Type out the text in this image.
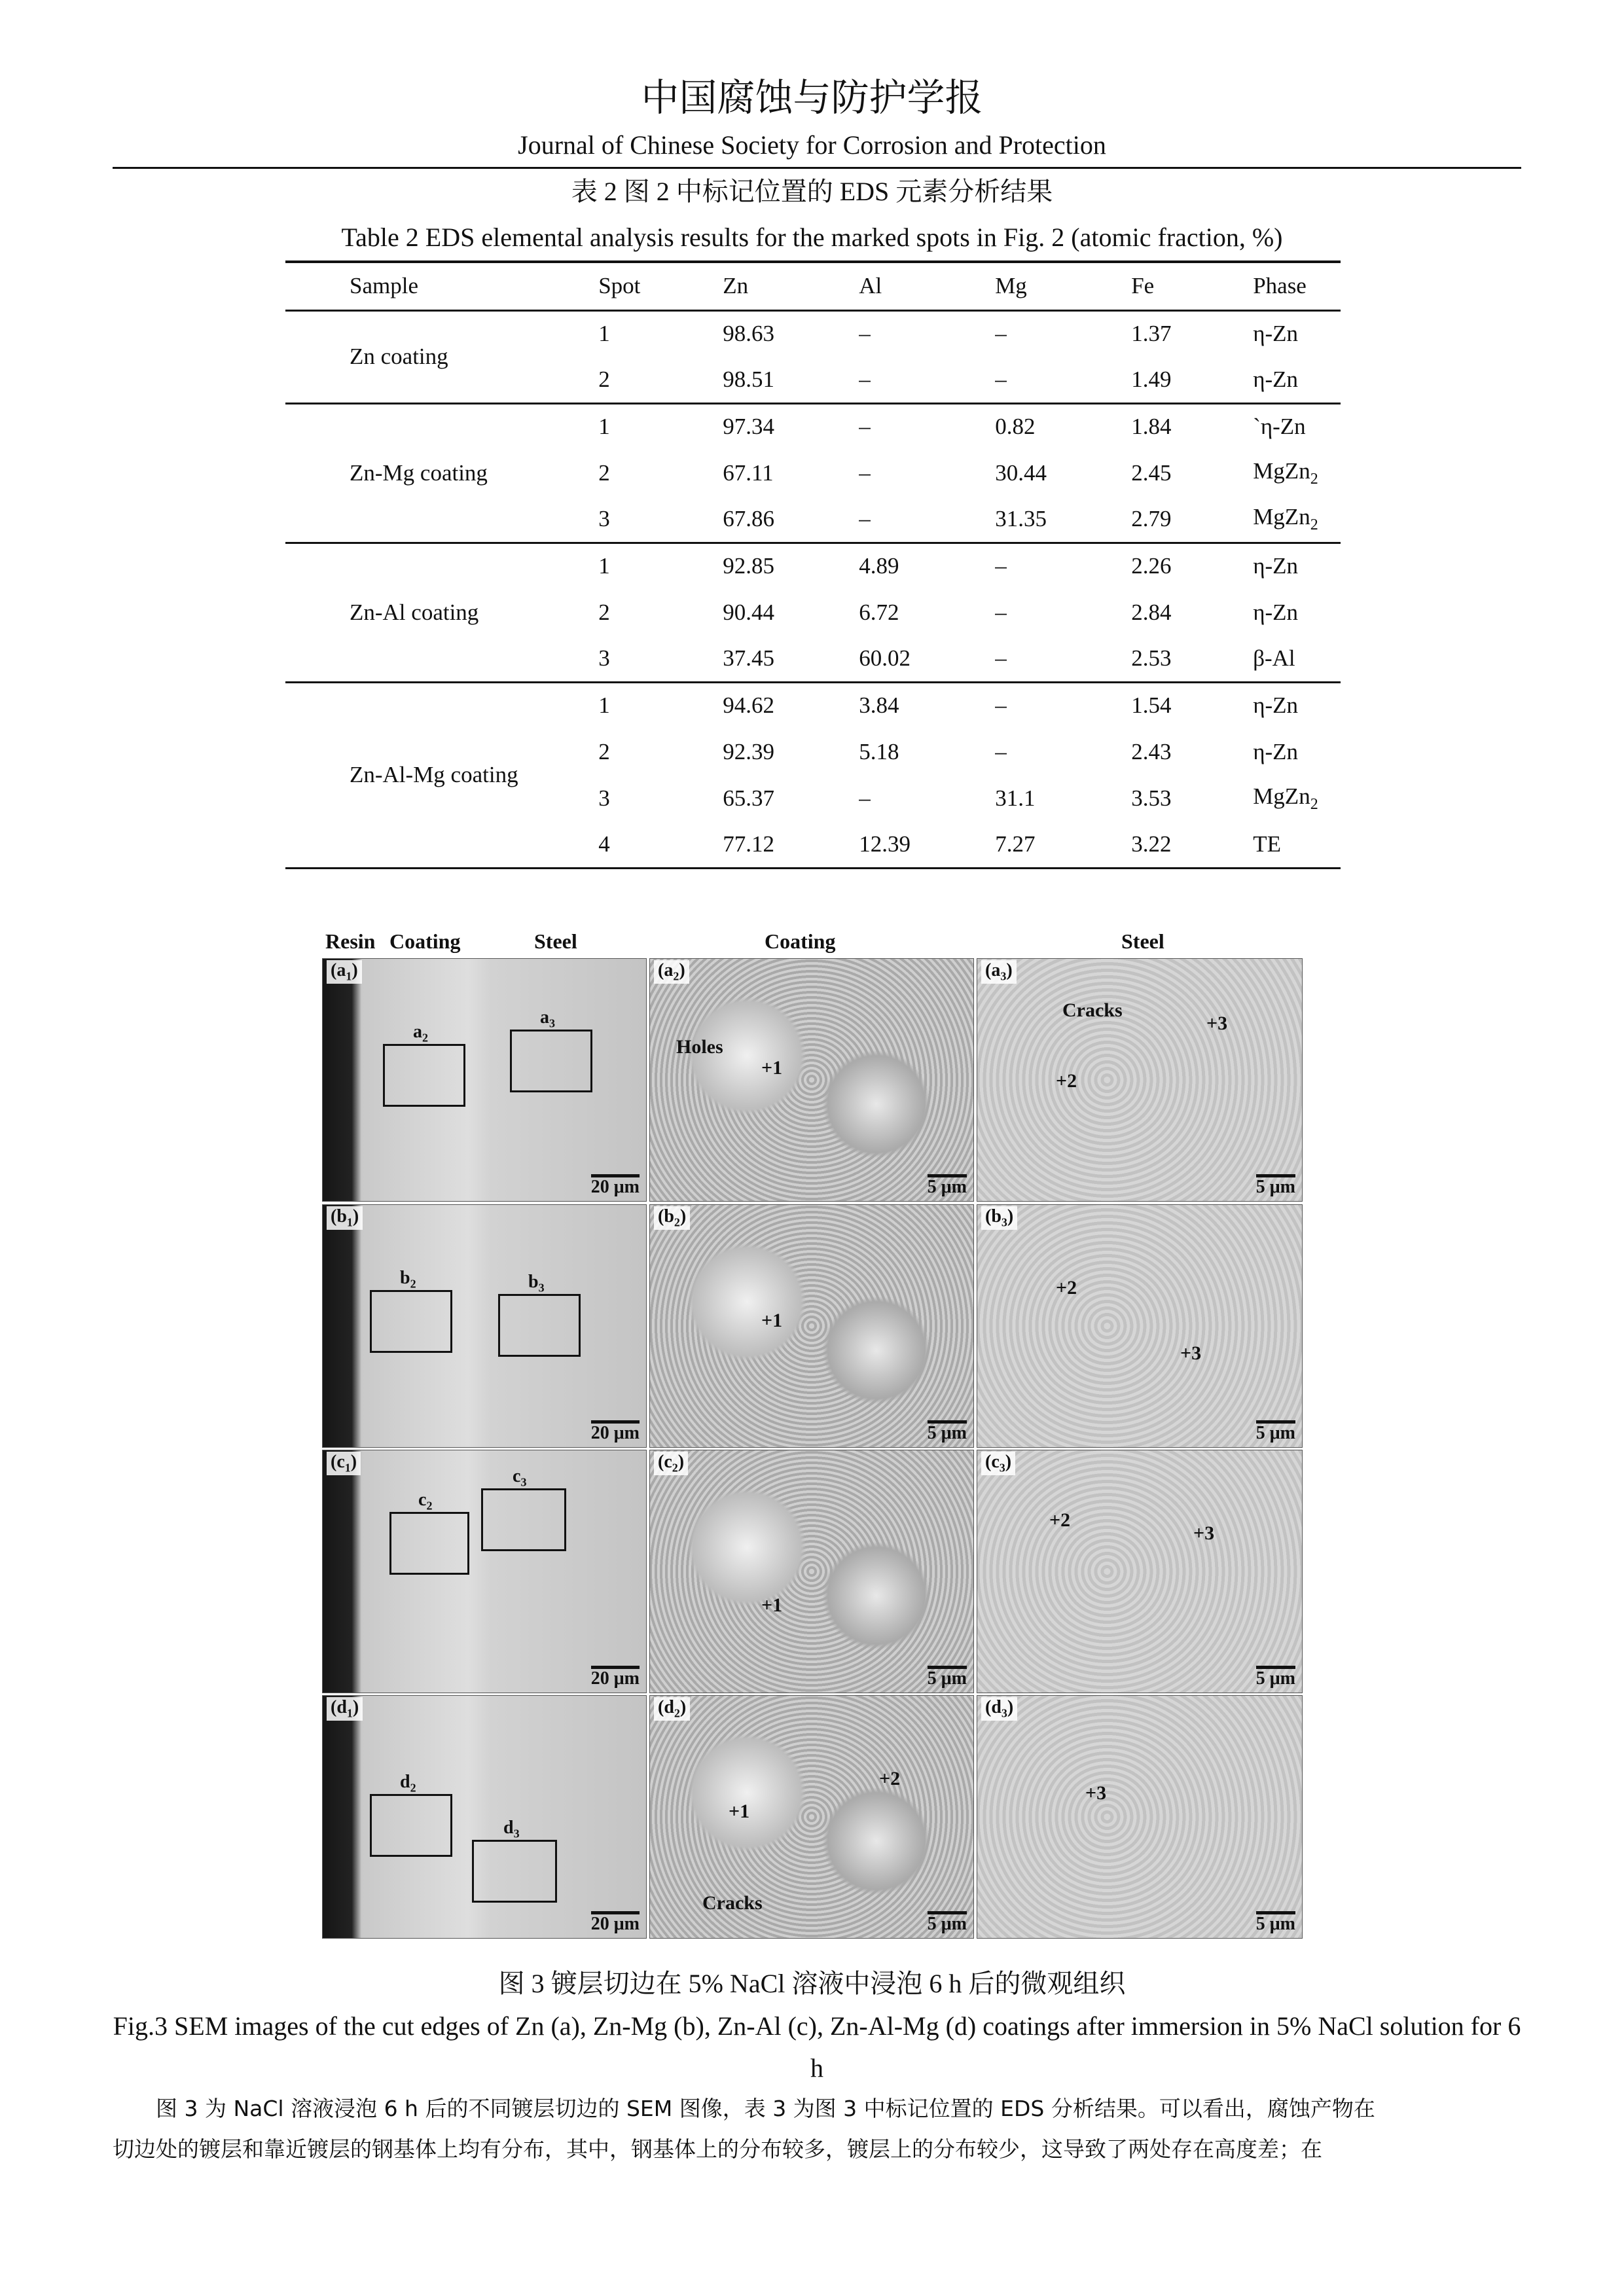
中国腐蚀与防护学报
Journal of Chinese Society for Corrosion and Protection
表 2 图 2 中标记位置的 EDS 元素分析结果
Table 2 EDS elemental analysis results for the marked spots in Fig. 2 (atomic fraction, %)
Sample	Spot	Zn	Al	Mg	Fe	Phase
Zn coating	1	98.63	–	–	1.37	η-Zn
	2	98.51	–	–	1.49	η-Zn
Zn-Mg coating	1	97.34	–	0.82	1.84	`η-Zn
	2	67.11	–	30.44	2.45	MgZn$_2$
	3	67.86	–	31.35	2.79	MgZn$_2$
Zn-Al coating	1	92.85	4.89	–	2.26	η-Zn
	2	90.44	6.72	–	2.84	η-Zn
	3	37.45	60.02	–	2.53	β-Al
Zn-Al-Mg coating	1	94.62	3.84	–	1.54	η-Zn
	2	92.39	5.18	–	2.43	η-Zn
	3	65.37	–	31.1	3.53	MgZn$_2$
	4	77.12	12.39	7.27	3.22	TE
Resin Coating	Steel	Coating	Steel
$(a_1)$
20 μm
$a_2$
$a_3$
$(a_2)$
5 μm
Holes
+1
$(a_3)$
5 μm
Cracks
+2
+3
$(b_1)$
20 μm
$b_2$	$b_3$
$(b_2)$
5 μm
+1
$(b_3)$
5 μm
+2
+3
$(c_1)$
20 μm
$c_2$
$c_3$
$(c_2)$
5 μm
+1
$(c_3)$
5 μm
+2
+3
$(d_1)$
20 μm
$d_2$
$d_3$
$(d_2)$
5 μm
+2
+1
Cracks
$(d_3)$
5 μm
+3
图 3 镀层切边在 5% NaCl 溶液中浸泡 6 h 后的微观组织
Fig.3 SEM images of the cut edges of Zn (a), Zn-Mg (b), Zn-Al (c), Zn-Al-Mg (d) coatings after immersion in 5% NaCl solution for 6 h
图 3 为 NaCl 溶液浸泡 6 h 后的不同镀层切边的 SEM 图像，表 3 为图 3 中标记位置的 EDS 分析结果。可以看出，腐蚀产物在
切边处的镀层和靠近镀层的钢基体上均有分布，其中，钢基体上的分布较多，镀层上的分布较少，这导致了两处存在高度差；在
